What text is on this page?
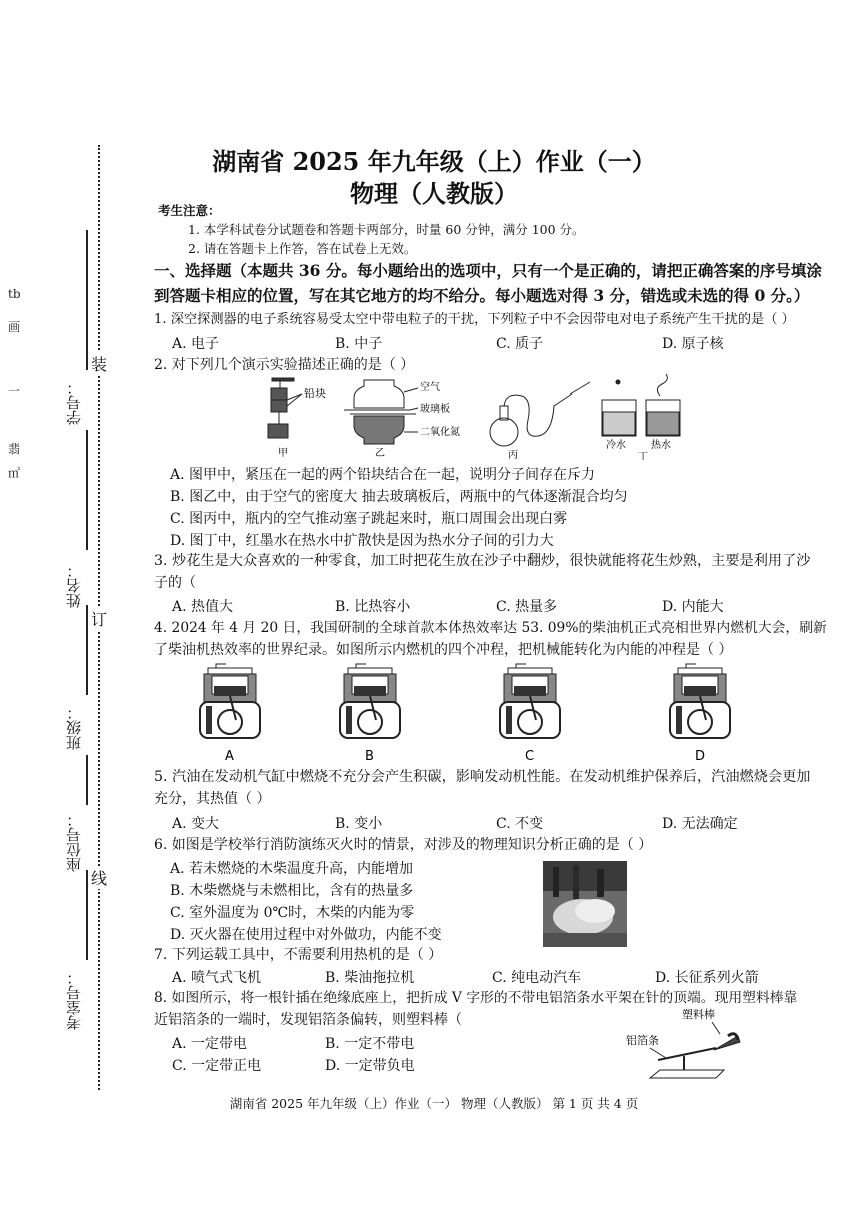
tb
画
一
翡
㎡
学号：
姓名：
班级：
座位号：
考室号：
装
订
线
湖南省 2025 年九年级（上）作业（一）
物理（人教版）
考生注意：
1. 本学科试卷分试题卷和答题卡两部分，时量 60 分钟，满分 100 分。
2. 请在答题卡上作答，答在试卷上无效。
一、选择题（本题共 36 分。每小题给出的选项中，只有一个是正确的，请把正确答案的序号填涂
到答题卡相应的位置，写在其它地方的均不给分。每小题选对得 3 分，错选或未选的得 0 分。）
1. 深空探测器的电子系统容易受太空中带电粒子的干扰，下列粒子中不会因带电对电子系统产生干扰的是（ ）
A. 电子	B. 中子	C. 质子	D. 原子核
2. 对下列几个演示实验描述正确的是（ ）
铅块
甲
空气
玻璃板
二氧化氮
乙	丙
冷水	热水
丁
A. 图甲中，紧压在一起的两个铅块结合在一起，说明分子间存在斥力
B. 图乙中，由于空气的密度大 抽去玻璃板后，两瓶中的气体逐渐混合均匀
C. 图丙中，瓶内的空气推动塞子跳起来时，瓶口周围会出现白雾
D. 图丁中，红墨水在热水中扩散快是因为热水分子间的引力大
3. 炒花生是大众喜欢的一种零食，加工时把花生放在沙子中翻炒，很快就能将花生炒熟，主要是利用了沙
子的（
A. 热值大	B. 比热容小	C. 热量多	D. 内能大
4. 2024 年 4 月 20 日，我国研制的全球首款本体热效率达 53. 09%的柴油机正式亮相世界内燃机大会，刷新
了柴油机热效率的世界纪录。如图所示内燃机的四个冲程，把机械能转化为内能的冲程是（ ）
A	B	C	D
5. 汽油在发动机气缸中燃烧不充分会产生积碳，影响发动机性能。在发动机维护保养后，汽油燃烧会更加
充分，其热值（ ）
A. 变大	B. 变小	C. 不变	D. 无法确定
6. 如图是学校举行消防演练灭火时的情景，对涉及的物理知识分析正确的是（ ）
A. 若未燃烧的木柴温度升高，内能增加
B. 木柴燃烧与未燃相比，含有的热量多
C. 室外温度为 0℃时，木柴的内能为零
D. 灭火器在使用过程中对外做功，内能不变
7. 下列运载工具中，不需要利用热机的是（ ）
A. 喷气式飞机	B. 柴油拖拉机	C. 纯电动汽车	D. 长征系列火箭
8. 如图所示，将一根针插在绝缘底座上，把折成 V 字形的不带电铝箔条水平架在针的顶端。现用塑料棒靠
近铝箔条的一端时，发现铝箔条偏转，则塑料棒（
A. 一定带电	B. 一定不带电
C. 一定带正电	D. 一定带负电
塑料棒
铝箔条
湖南省 2025 年九年级（上）作业（一） 物理（人教版） 第 1 页 共 4 页
